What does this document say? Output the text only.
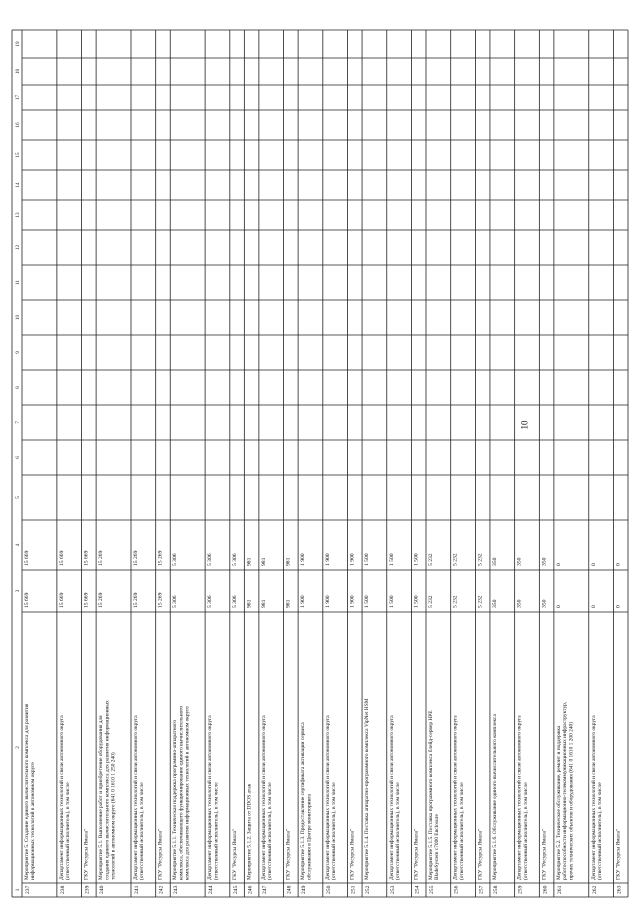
10
1
2
3
4
5
6
7
8
9
10
11
12
13
14
15
16
17
18
19
237
Мероприятие 5. Создание единого вычислительного комплекса для развития информационных технологий в автономном округе
15 669
15 669
238
Департамент информационных технологий и связи автономного округа (ответственный исполнитель), в том числе
15 669
15 669
239
ГКУ "Ресурсы Ямала"
15 669
15 669
240
Мероприятие 5.1. Выполнение работ и приобретение оборудования для создания единого вычислительного комплекса для развития информационных технологий в автономном округе (641 0 1610 1 250 240)
15 269
15 269
241
Департамент информационных технологий и связи автономного округа (ответственный исполнитель), в том числе
15 269
15 269
242
ГКУ "Ресурсы Ямала"
15 269
15 269
243
Мероприятие 5.1.1. Техническая поддержка программно-аппаратного комплекса, обеспечивающего функционирование единого вычислительного комплекса для развития информационных технологий в автономном округе
5 306
5 306
244
Департамент информационных технологий и связи автономного округа (ответственный исполнитель), в том числе
5 306
5 306
245
ГКУ "Ресурсы Ямала"
5 306
5 306
246
Мероприятие 5.1.2. Защита от DDOS атак
981
981
247
Департамент информационных технологий и связи автономного округа (ответственный исполнитель), в том числе
981
981
248
ГКУ "Ресурсы Ямала"
981
981
249
Мероприятие 5.1.3. Предоставление сертификата активации сервиса обслуживания в Центре мониторинга
1 900
1 900
250
Департамент информационных технологий и связи автономного округа (ответственный исполнитель), в том числе
1 900
1 900
251
ГКУ "Ресурсы Ямала"
1 900
1 900
252
Мероприятие 5.1.4. Поставка аппаратно-программного комплекса VipNet HSM
1 500
1 500
253
Департамент информационных технологий и связи автономного округа (ответственный исполнитель), в том числе
1 500
1 500
254
ГКУ "Ресурсы Ямала"
1 500
1 500
255
Мероприятие 5.1.5. Поставка программного комплекса блейд-сервер HPE BladeSystem c7000 Enclosure
5 232
5 232
256
Департамент информационных технологий и связи автономного округа (ответственный исполнитель), в том числе
5 232
5 232
257
ГКУ "Ресурсы Ямала"
5 232
5 232
258
Мероприятие 5.1.6. Обслуживание единого вычислительного комплекса
350
350
259
Департамент информационных технологий и связи автономного округа (ответственный исполнитель), в том числе
350
350
260
ГКУ "Ресурсы Ямала"
350
350
261
Мероприятие 5.2. Техническое обслуживание, ремонт и поддержка работоспособности информационно-телекоммуникационных инфраструктур, прочих технических объектов и оборудования (641 0 1610 1 200 240)
0
0
262
Департамент информационных технологий и связи автономного округа (ответственный исполнитель), в том числе
0
0
263
ГКУ "Ресурсы Ямала"
0
0
